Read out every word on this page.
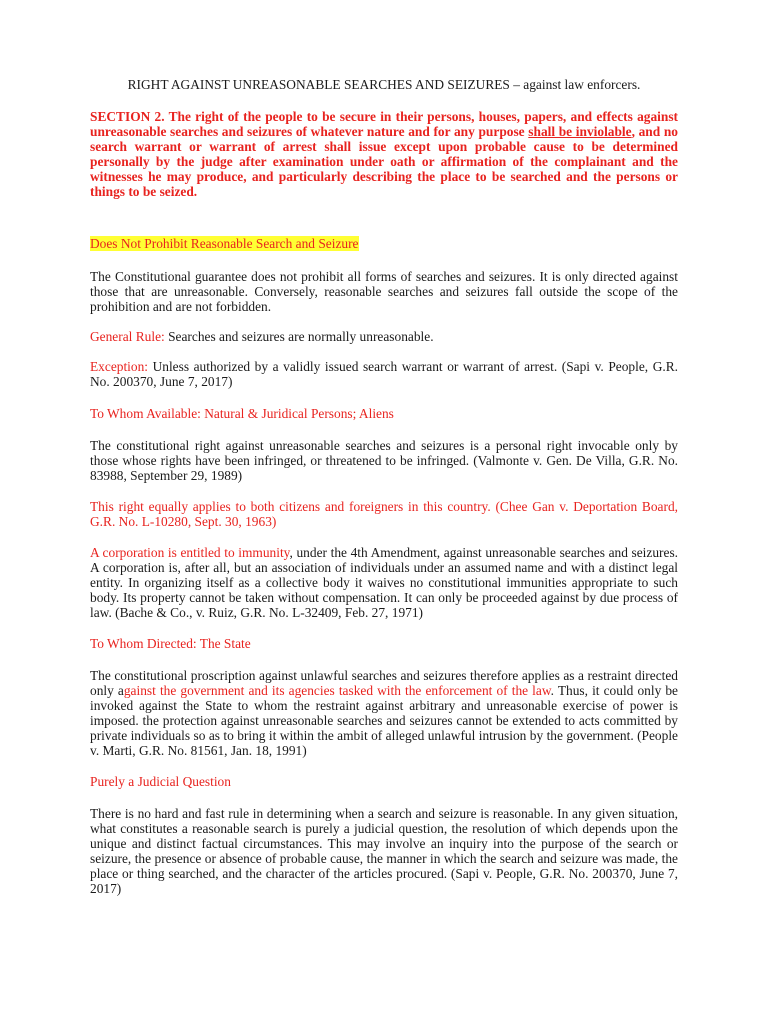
RIGHT AGAINST UNREASONABLE SEARCHES AND SEIZURES – against law enforcers.

SECTION 2. The right of the people to be secure in their persons, houses, papers, and effects against unreasonable searches and seizures of whatever nature and for any purpose shall be inviolable, and no search warrant or warrant of arrest shall issue except upon probable cause to be determined personally by the judge after examination under oath or affirmation of the complainant and the witnesses he may produce, and particularly describing the place to be searched and the persons or things to be seized.

Does Not Prohibit Reasonable Search and Seizure

The Constitutional guarantee does not prohibit all forms of searches and seizures. It is only directed against those that are unreasonable. Conversely, reasonable searches and seizures fall outside the scope of the prohibition and are not forbidden.

General Rule: Searches and seizures are normally unreasonable.

Exception: Unless authorized by a validly issued search warrant or warrant of arrest. (Sapi v. People, G.R. No. 200370, June 7, 2017)

To Whom Available: Natural & Juridical Persons; Aliens

The constitutional right against unreasonable searches and seizures is a personal right invocable only by those whose rights have been infringed, or threatened to be infringed. (Valmonte v. Gen. De Villa, G.R. No. 83988, September 29, 1989)

This right equally applies to both citizens and foreigners in this country. (Chee Gan v. Deportation Board, G.R. No. L-10280, Sept. 30, 1963)

A corporation is entitled to immunity, under the 4th Amendment, against unreasonable searches and seizures. A corporation is, after all, but an association of individuals under an assumed name and with a distinct legal entity. In organizing itself as a collective body it waives no constitutional immunities appropriate to such body. Its property cannot be taken without compensation. It can only be proceeded against by due process of law. (Bache & Co., v. Ruiz, G.R. No. L-32409, Feb. 27, 1971)

To Whom Directed: The State

The constitutional proscription against unlawful searches and seizures therefore applies as a restraint directed only against the government and its agencies tasked with the enforcement of the law. Thus, it could only be invoked against the State to whom the restraint against arbitrary and unreasonable exercise of power is imposed. the protection against unreasonable searches and seizures cannot be extended to acts committed by private individuals so as to bring it within the ambit of alleged unlawful intrusion by the government. (People v. Marti, G.R. No. 81561, Jan. 18, 1991)

Purely a Judicial Question

There is no hard and fast rule in determining when a search and seizure is reasonable. In any given situation, what constitutes a reasonable search is purely a judicial question, the resolution of which depends upon the unique and distinct factual circumstances. This may involve an inquiry into the purpose of the search or seizure, the presence or absence of probable cause, the manner in which the search and seizure was made, the place or thing searched, and the character of the articles procured. (Sapi v. People, G.R. No. 200370, June 7, 2017)
